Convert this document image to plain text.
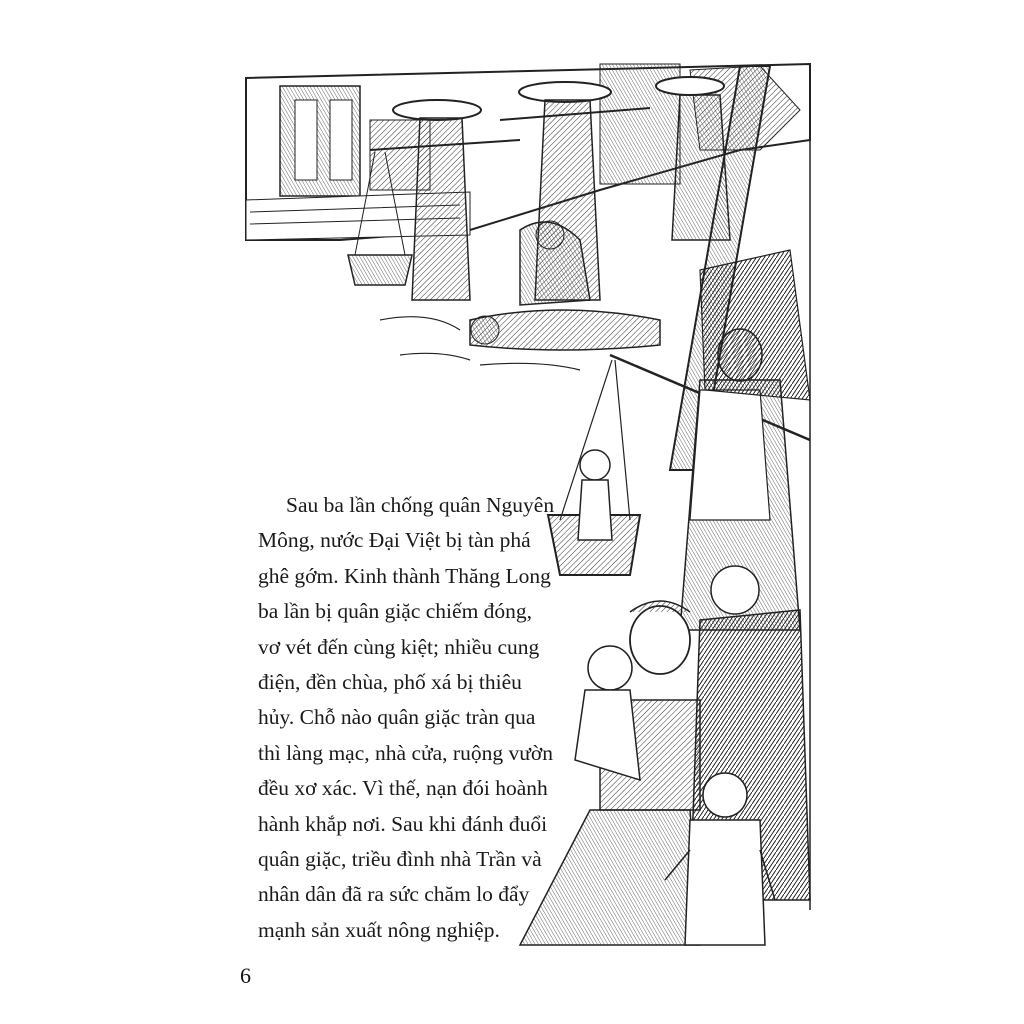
Sau ba lần chống quân Nguyên
Mông, nước Đại Việt bị tàn phá
ghê gớm. Kinh thành Thăng Long
ba lần bị quân giặc chiếm đóng,
vơ vét đến cùng kiệt; nhiều cung
điện, đền chùa, phố xá bị thiêu
hủy. Chỗ nào quân giặc tràn qua
thì làng mạc, nhà cửa, ruộng vườn
đều xơ xác. Vì thế, nạn đói hoành
hành khắp nơi. Sau khi đánh đuổi
quân giặc, triều đình nhà Trần và
nhân dân đã ra sức chăm lo đẩy
mạnh sản xuất nông nghiệp.
6
